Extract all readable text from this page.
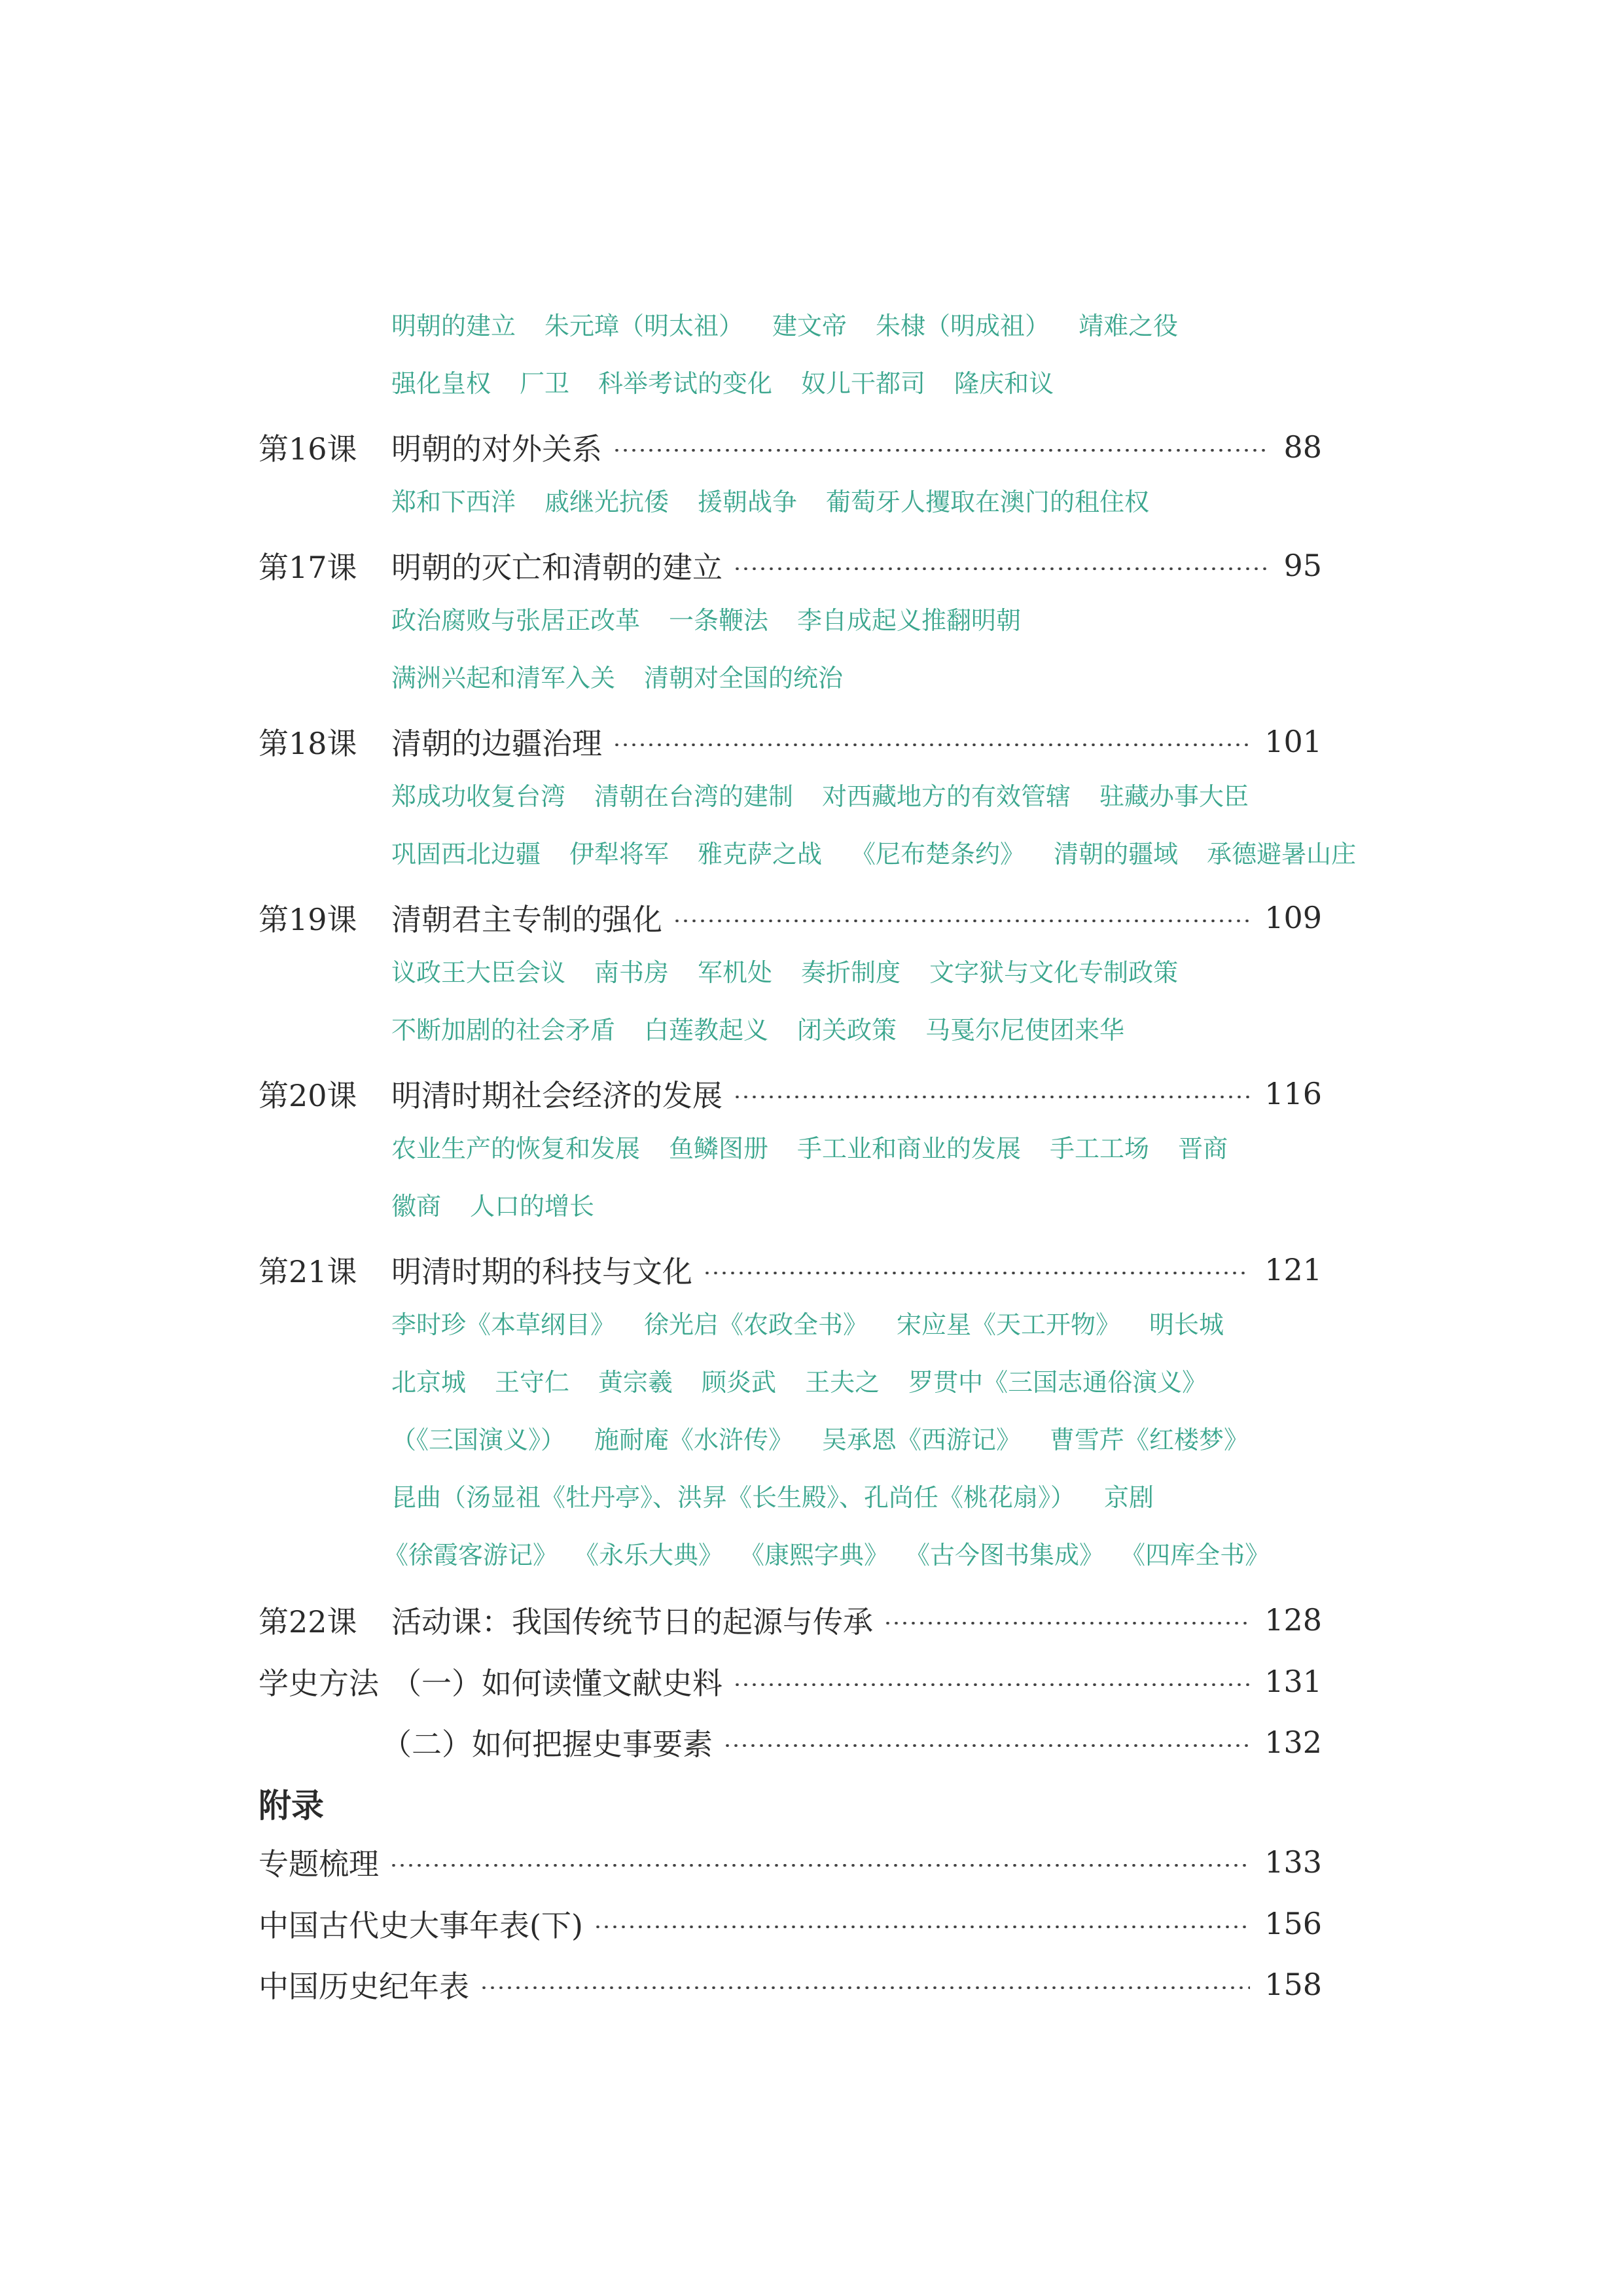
明朝的建立 朱元璋（明太祖） 建文帝 朱棣（明成祖） 靖难之役
强化皇权 厂卫 科举考试的变化 奴儿干都司 隆庆和议
第16课	明朝的对外关系	88
郑和下西洋 戚继光抗倭 援朝战争 葡萄牙人攫取在澳门的租住权
第17课	明朝的灭亡和清朝的建立	95
政治腐败与张居正改革 一条鞭法 李自成起义推翻明朝
满洲兴起和清军入关 清朝对全国的统治
第18课	清朝的边疆治理	101
郑成功收复台湾 清朝在台湾的建制 对西藏地方的有效管辖 驻藏办事大臣
巩固西北边疆 伊犁将军 雅克萨之战 《尼布楚条约》 清朝的疆域 承德避暑山庄
第19课	清朝君主专制的强化	109
议政王大臣会议 南书房 军机处 奏折制度 文字狱与文化专制政策
不断加剧的社会矛盾 白莲教起义 闭关政策 马戛尔尼使团来华
第20课	明清时期社会经济的发展	116
农业生产的恢复和发展 鱼鳞图册 手工业和商业的发展 手工工场 晋商
徽商 人口的增长
第21课	明清时期的科技与文化	121
李时珍《本草纲目》 徐光启《农政全书》 宋应星《天工开物》 明长城
北京城 王守仁 黄宗羲 顾炎武 王夫之 罗贯中《三国志通俗演义》
（《三国演义》） 施耐庵《水浒传》 吴承恩《西游记》 曹雪芹《红楼梦》
昆曲（汤显祖《牡丹亭》、洪昇《长生殿》、孔尚任《桃花扇》） 京剧
《徐霞客游记》 《永乐大典》 《康熙字典》 《古今图书集成》 《四库全书》
第22课	活动课：我国传统节日的起源与传承	128
学史方法 （一）如何读懂文献史料	131
（二）如何把握史事要素	132
附录
专题梳理	133
中国古代史大事年表(下)	156
中国历史纪年表	158
